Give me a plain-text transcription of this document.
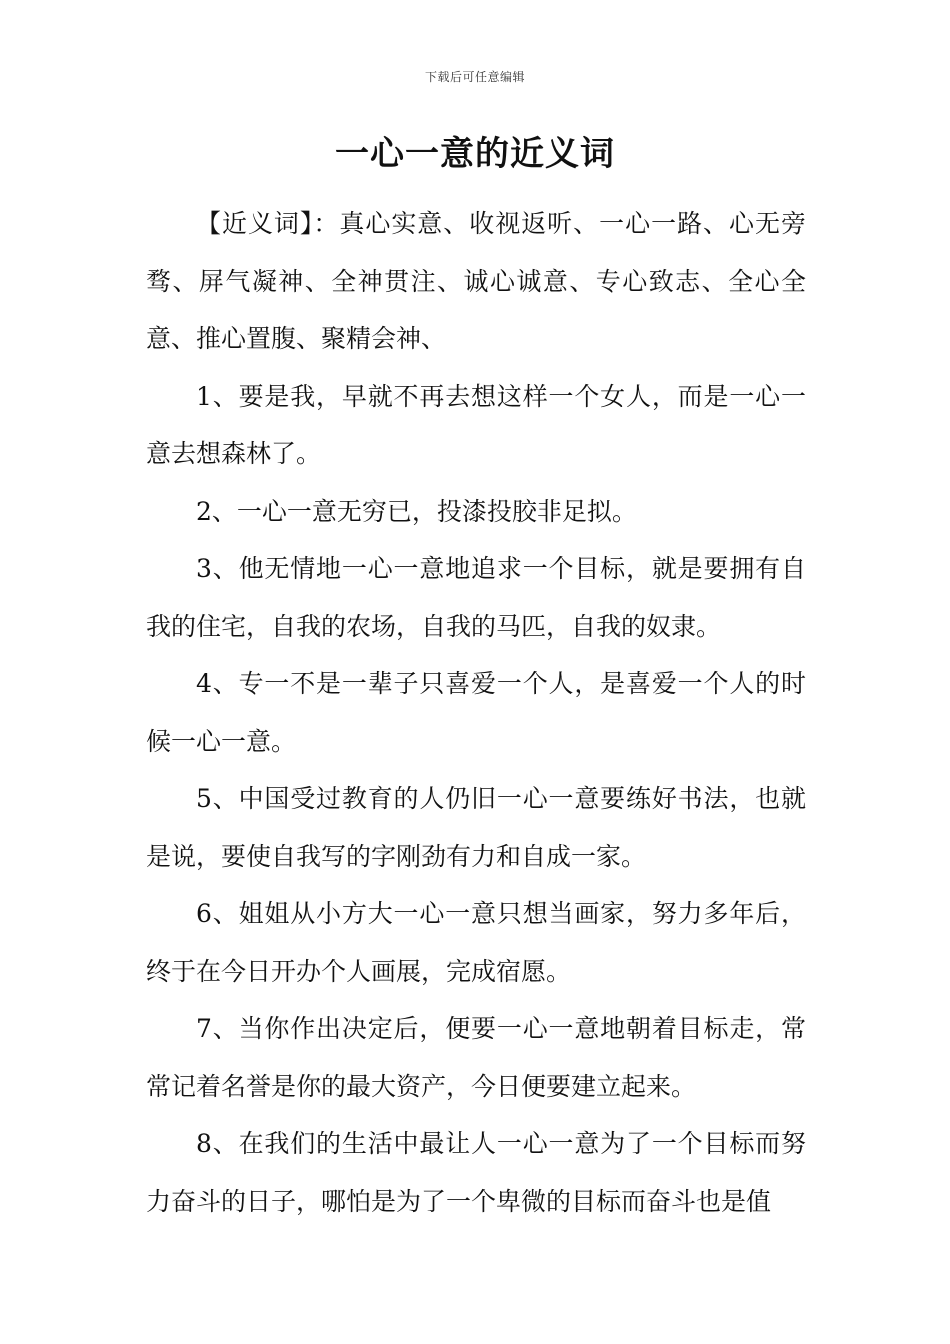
下载后可任意编辑
一心一意的近义词

【近义词】：真心实意、收视返听、一心一路、心无旁骛、屏气凝神、全神贯注、诚心诚意、专心致志、全心全意、推心置腹、聚精会神、

1、要是我，早就不再去想这样一个女人，而是一心一意去想森林了。

2、一心一意无穷已，投漆投胶非足拟。

3、他无情地一心一意地追求一个目标，就是要拥有自我的住宅，自我的农场，自我的马匹，自我的奴隶。

4、专一不是一辈子只喜爱一个人，是喜爱一个人的时候一心一意。

5、中国受过教育的人仍旧一心一意要练好书法，也就是说，要使自我写的字刚劲有力和自成一家。

6、姐姐从小方大一心一意只想当画家，努力多年后，终于在今日开办个人画展，完成宿愿。

7、当你作出决定后，便要一心一意地朝着目标走，常常记着名誉是你的最大资产，今日便要建立起来。

8、在我们的生活中最让人一心一意为了一个目标而努力奋斗的日子，哪怕是为了一个卑微的目标而奋斗也是值
